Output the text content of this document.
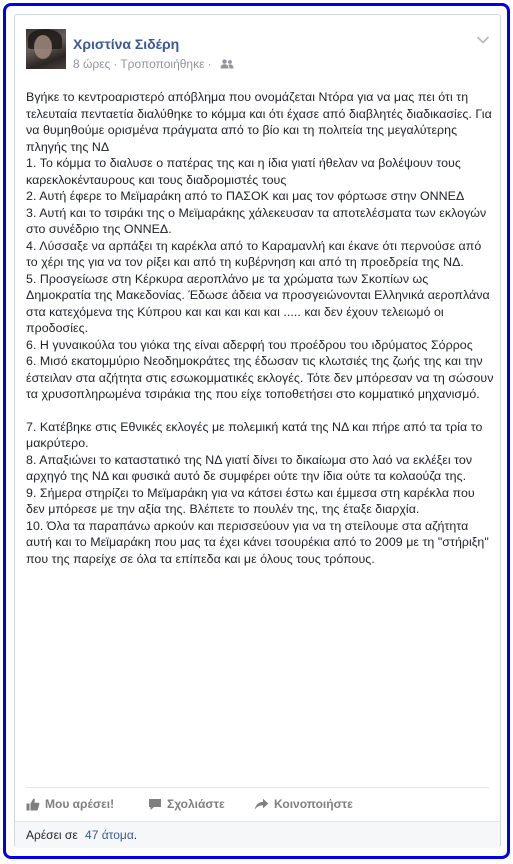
Χριστίνα Σιδέρη
8 ώρες · Τροποποιήθηκε ·

Βγήκε το κεντροαριστερό απόβλημα που ονομάζεται Ντόρα για να μας πει ότι τη τελευταία πενταετία διαλύθηκε το κόμμα και ότι έχασε από διαβλητές διαδικασίες. Για να θυμηθούμε ορισμένα πράγματα από το βίο και τη πολιτεία της μεγαλύτερης πληγής της ΝΔ

1. Το κόμμα το διαλυσε ο πατέρας της και η ίδια γιατί ήθελαν να βολέψουν τους καρεκλοκένταυρους και τους διαδρομιστές τους

2. Αυτή έφερε το Μεϊμαράκη από το ΠΑΣΟΚ και μας τον φόρτωσε στην ΟΝΝΕΔ

3. Αυτή και το τσιράκι της ο Μεϊμαράκης χάλεκευσαν τα αποτελέσματα των εκλογών στο συνέδριο της ΟΝΝΕΔ.

4. Λύσσαξε να αρπάξει τη καρέκλα από το Καραμανλή και έκανε ότι περνούσε από το χέρι της για να τον ρίξει και από τη κυβέρνηση και από τη προεδρεία της ΝΔ.

5. Προσγείωσε στη Κέρκυρα αεροπλάνο με τα χρώματα των Σκοπίων ως Δημοκρατία της Μακεδονίας. Έδωσε άδεια να προσγειώνονται Ελληνικά αεροπλάνα στα κατεχόμενα της Κύπρου και και και και και ..... και δεν έχουν τελειωμό οι προδοσίες.

6. Η γυναικούλα του γιόκα της είναι αδερφή του προέδρου του ιδρύματος Σόρρος

6. Μισό εκατομμύριο Νεοδημοκράτες της έδωσαν τις κλωτσιές της ζωής της και την έστειλαν στα αζήτητα στις εσωκομματικές εκλογές. Τότε δεν μπόρεσαν να τη σώσουν τα χρυσοπληρωμένα τσιράκια της που είχε τοποθετήσει στο κομματικό μηχανισμό.

7. Κατέβηκε στις Εθνικές εκλογές με πολεμική κατά της ΝΔ και πήρε από τα τρία το μακρύτερο.

8. Απαξιώνει το καταστατικό της ΝΔ γιατί δίνει το δικαίωμα στο λαό να εκλέξει τον αρχηγό της ΝΔ και φυσικά αυτό δε συμφέρει ούτε την ίδια ούτε τα κολαούζα της.

9. Σήμερα στηρίζει το Μεϊμαράκη για να κάτσει έστω και έμμεσα στη καρέκλα που δεν μπόρεσε με την αξία της. Βλέπετε το πουλέν της, της έταξε διαρχία.

10. Όλα τα παραπάνω αρκούν και περισσεύουν για να τη στείλουμε στα αζήτητα αυτή και το Μεϊμαράκη που μας τα έχει κάνει τσουρέκια από το 2009 με τη "στήριξη" που της παρείχε σε όλα τα επίπεδα και με όλους τους τρόπους.

Μου αρέσει!	Σχολιάστε	Κοινοποιήστε
Αρέσει σε 47 άτομα.
